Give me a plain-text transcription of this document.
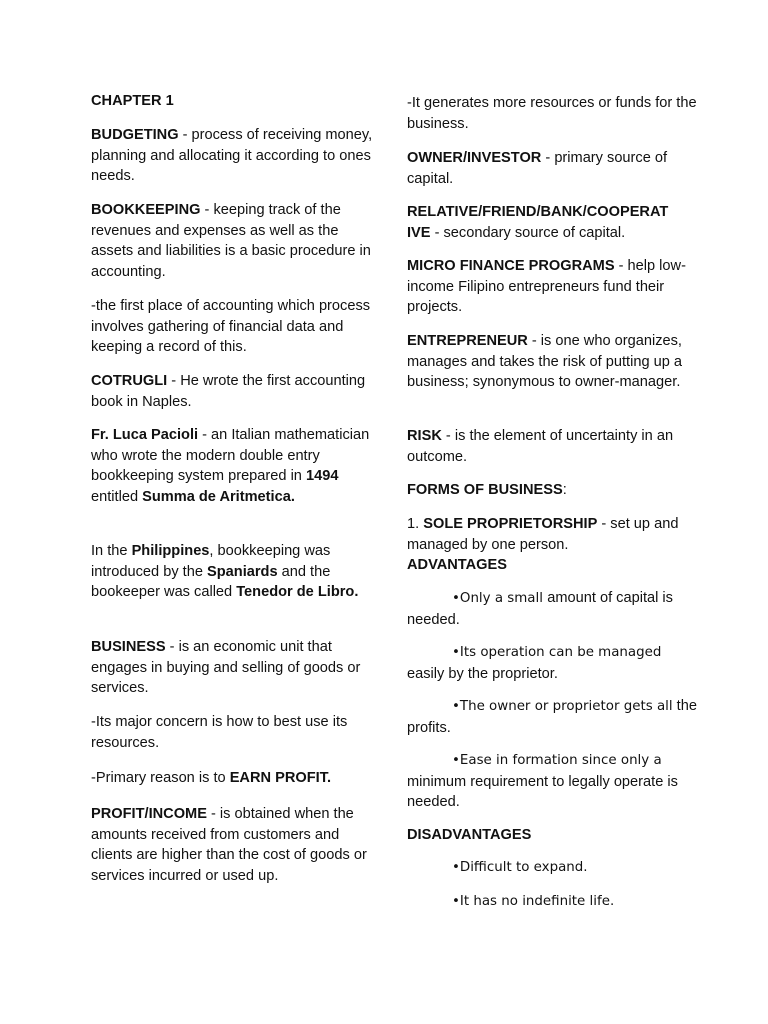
CHAPTER 1

BUDGETING - process of receiving money, planning and allocating it according to ones needs.

BOOKKEEPING - keeping track of the revenues and expenses as well as the assets and liabilities is a basic procedure in accounting.

-the first place of accounting which process involves gathering of financial data and keeping a record of this.

COTRUGLI - He wrote the first accounting book in Naples.

Fr. Luca Pacioli - an Italian mathematician who wrote the modern double entry bookkeeping system prepared in 1494 entitled Summa de Aritmetica.

In the Philippines, bookkeeping was introduced by the Spaniards and the bookeeper was called Tenedor de Libro.

BUSINESS - is an economic unit that engages in buying and selling of goods or services.

-Its major concern is how to best use its resources.

-Primary reason is to EARN PROFIT.

PROFIT/INCOME - is obtained when the amounts received from customers and clients are higher than the cost of goods or services incurred or used up.

-It generates more resources or funds for the business.

OWNER/INVESTOR - primary source of capital.

RELATIVE/FRIEND/BANK/COOPERATIVE - secondary source of capital.

MICRO FINANCE PROGRAMS - help low-income Filipino entrepreneurs fund their projects.

ENTREPRENEUR - is one who organizes, manages and takes the risk of putting up a business; synonymous to owner-manager.

RISK - is the element of uncertainty in an outcome.

FORMS OF BUSINESS:

1. SOLE PROPRIETORSHIP - set up and managed by one person.

ADVANTAGES

•Only a small amount of capital is needed.

•Its operation can be managed easily by the proprietor.

•The owner or proprietor gets all the profits.

•Ease in formation since only a minimum requirement to legally operate is needed.

DISADVANTAGES

•Difficult to expand.

•It has no indefinite life.
